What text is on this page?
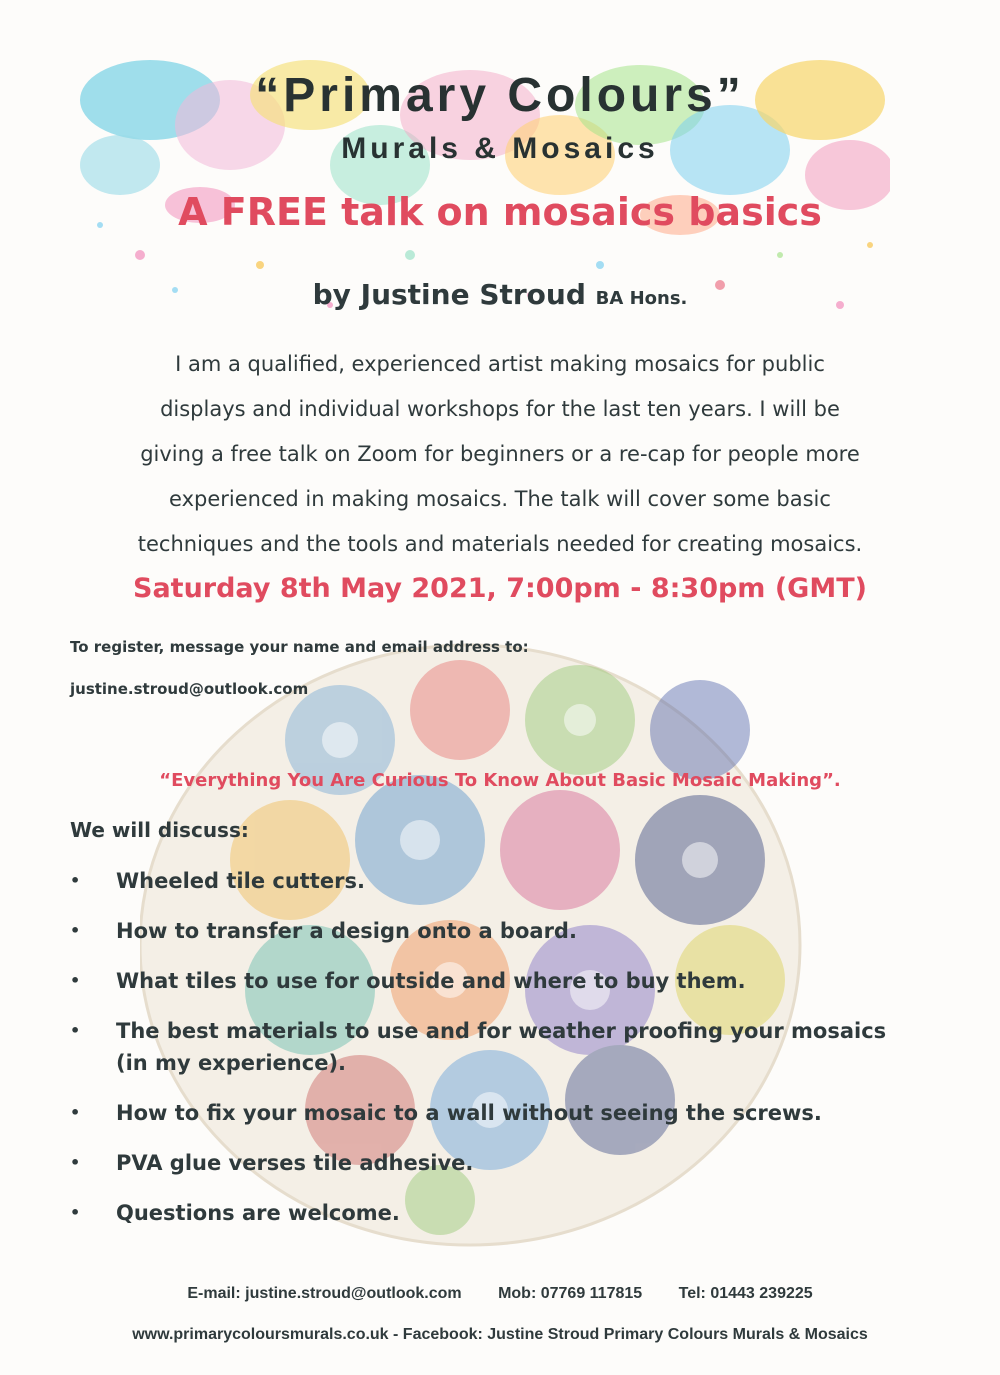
“Primary Colours”
Murals & Mosaics
A FREE talk on mosaics basics
by Justine Stroud BA Hons.
I am a qualified, experienced artist making mosaics for public
displays and individual workshops for the last ten years. I will be
giving a free talk on Zoom for beginners or a re-cap for people more
experienced in making mosaics. The talk will cover some basic
techniques and the tools and materials needed for creating mosaics.
Saturday 8th May 2021, 7:00pm - 8:30pm (GMT)
To register, message your name and email address to:
justine.stroud@outlook.com
“Everything You Are Curious To Know About Basic Mosaic Making”.
We will discuss:
• Wheeled tile cutters.
• How to transfer a design onto a board.
• What tiles to use for outside and where to buy them.
• The best materials to use and for weather proofing your mosaics
(in my experience).
• How to fix your mosaic to a wall without seeing the screws.
• PVA glue verses tile adhesive.
• Questions are welcome.
E-mail: justine.stroud@outlook.com Mob: 07769 117815 Tel: 01443 239225
www.primarycoloursmurals.co.uk - Facebook: Justine Stroud Primary Colours Murals & Mosaics
